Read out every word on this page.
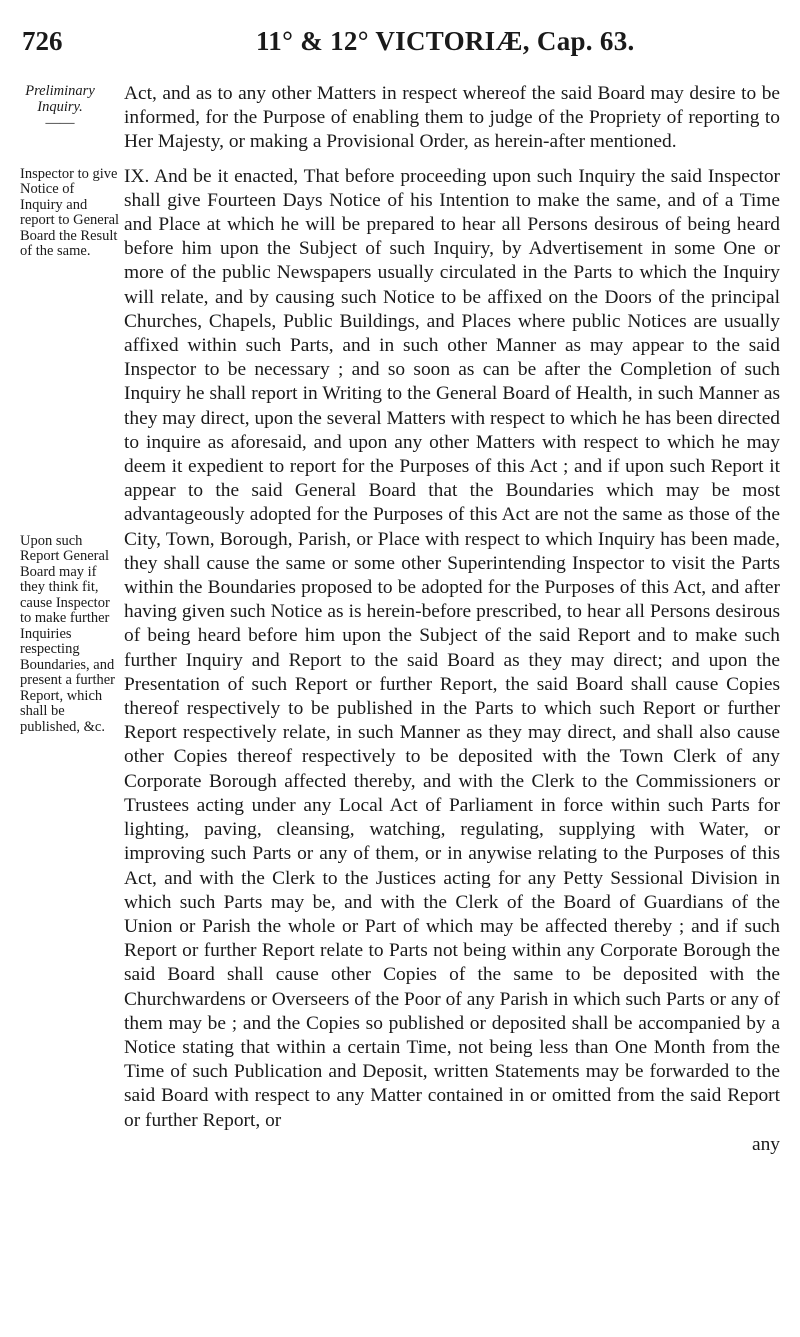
726	11° & 12° VICTORIÆ, Cap. 63.
Preliminary Inquiry.
——
Act, and as to any other Matters in respect whereof the said Board may desire to be informed, for the Purpose of enabling them to judge of the Propriety of reporting to Her Majesty, or making a Provisional Order, as herein-after mentioned.
Inspector to give Notice of Inquiry and report to General Board the Result of the same.
Upon such Report General Board may if they think fit, cause Inspector to make further Inquiries respecting Boundaries, and present a further Report, which shall be published, &c.
IX. And be it enacted, That before proceeding upon such Inquiry the said Inspector shall give Fourteen Days Notice of his Intention to make the same, and of a Time and Place at which he will be prepared to hear all Persons desirous of being heard before him upon the Subject of such Inquiry, by Advertisement in some One or more of the public Newspapers usually circulated in the Parts to which the Inquiry will relate, and by causing such Notice to be affixed on the Doors of the principal Churches, Chapels, Public Buildings, and Places where public Notices are usually affixed within such Parts, and in such other Manner as may appear to the said Inspector to be necessary ; and so soon as can be after the Completion of such Inquiry he shall report in Writing to the General Board of Health, in such Manner as they may direct, upon the several Matters with respect to which he has been directed to inquire as aforesaid, and upon any other Matters with respect to which he may deem it expedient to report for the Purposes of this Act ; and if upon such Report it appear to the said General Board that the Boundaries which may be most advantageously adopted for the Purposes of this Act are not the same as those of the City, Town, Borough, Parish, or Place with respect to which Inquiry has been made, they shall cause the same or some other Superintending Inspector to visit the Parts within the Boundaries proposed to be adopted for the Purposes of this Act, and after having given such Notice as is herein-before prescribed, to hear all Persons desirous of being heard before him upon the Subject of the said Report and to make such further Inquiry and Report to the said Board as they may direct; and upon the Presentation of such Report or further Report, the said Board shall cause Copies thereof respectively to be published in the Parts to which such Report or further Report respectively relate, in such Manner as they may direct, and shall also cause other Copies thereof respectively to be deposited with the Town Clerk of any Corporate Borough affected thereby, and with the Clerk to the Commissioners or Trustees acting under any Local Act of Parliament in force within such Parts for lighting, paving, cleansing, watching, regulating, supplying with Water, or improving such Parts or any of them, or in anywise relating to the Purposes of this Act, and with the Clerk to the Justices acting for any Petty Sessional Division in which such Parts may be, and with the Clerk of the Board of Guardians of the Union or Parish the whole or Part of which may be affected thereby ; and if such Report or further Report relate to Parts not being within any Corporate Borough the said Board shall cause other Copies of the same to be deposited with the Churchwardens or Overseers of the Poor of any Parish in which such Parts or any of them may be ; and the Copies so published or deposited shall be accompanied by a Notice stating that within a certain Time, not being less than One Month from the Time of such Publication and Deposit, written Statements may be forwarded to the said Board with respect to any Matter contained in or omitted from the said Report or further Report, or
any
